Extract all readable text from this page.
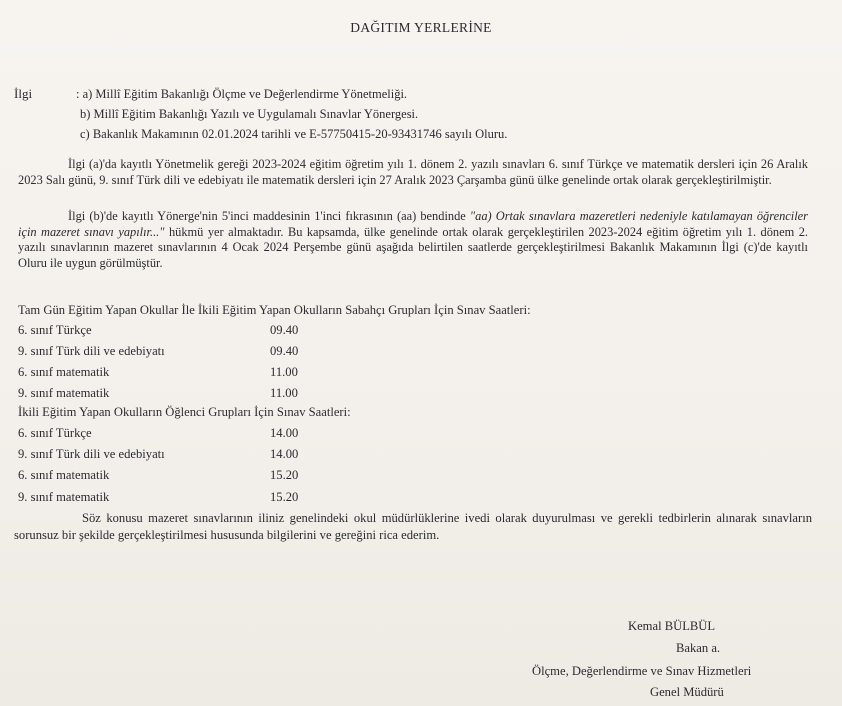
DAĞITIM YERLERİNE
İlgi	: a) Millî Eğitim Bakanlığı Ölçme ve Değerlendirme Yönetmeliği.
b) Millî Eğitim Bakanlığı Yazılı ve Uygulamalı Sınavlar Yönergesi.
c) Bakanlık Makamının 02.01.2024 tarihli ve E-57750415-20-93431746 sayılı Oluru.
İlgi (a)'da kayıtlı Yönetmelik gereği 2023-2024 eğitim öğretim yılı 1. dönem 2. yazılı sınavları 6. sınıf Türkçe ve matematik dersleri için 26 Aralık 2023 Salı günü, 9. sınıf Türk dili ve edebiyatı ile matematik dersleri için 27 Aralık 2023 Çarşamba günü ülke genelinde ortak olarak gerçekleştirilmiştir.
İlgi (b)'de kayıtlı Yönerge'nin 5'inci maddesinin 1'inci fıkrasının (aa) bendinde "aa) Ortak sınavlara mazeretleri nedeniyle katılamayan öğrenciler için mazeret sınavı yapılır..." hükmü yer almaktadır. Bu kapsamda, ülke genelinde ortak olarak gerçekleştirilen 2023-2024 eğitim öğretim yılı 1. dönem 2. yazılı sınavlarının mazeret sınavlarının 4 Ocak 2024 Perşembe günü aşağıda belirtilen saatlerde gerçekleştirilmesi Bakanlık Makamının İlgi (c)'de kayıtlı Oluru ile uygun görülmüştür.
Tam Gün Eğitim Yapan Okullar İle İkili Eğitim Yapan Okulların Sabahçı Grupları İçin Sınav Saatleri:
6. sınıf Türkçe	09.40
9. sınıf Türk dili ve edebiyatı	09.40
6. sınıf matematik	11.00
9. sınıf matematik	11.00
İkili Eğitim Yapan Okulların Öğlenci Grupları İçin Sınav Saatleri:
6. sınıf Türkçe	14.00
9. sınıf Türk dili ve edebiyatı	14.00
6. sınıf matematik	15.20
9. sınıf matematik	15.20
Söz konusu mazeret sınavlarının iliniz genelindeki okul müdürlüklerine ivedi olarak duyurulması ve gerekli tedbirlerin alınarak sınavların sorunsuz bir şekilde gerçekleştirilmesi hususunda bilgilerini ve gereğini rica ederim.
Kemal BÜLBÜL
Bakan a.
Ölçme, Değerlendirme ve Sınav Hizmetleri
Genel Müdürü
